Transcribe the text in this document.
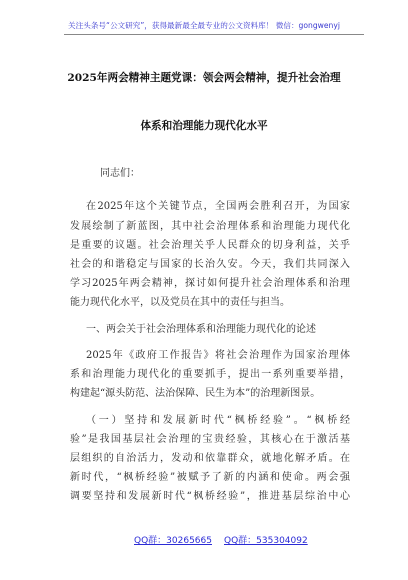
关注头条号“公文研究”，获得最新最全最专业的公文资料库！ 微信：gongwenyj
2025年两会精神主题党课：领会两会精神，提升社会治理
体系和治理能力现代化水平
同志们：
在2025年这个关键节点，全国两会胜利召开，为国家
发展绘制了新蓝图，其中社会治理体系和治理能力现代化
是重要的议题。社会治理关乎人民群众的切身利益，关乎
社会的和谐稳定与国家的长治久安。今天，我们共同深入
学习2025年两会精神，探讨如何提升社会治理体系和治理
能力现代化水平，以及党员在其中的责任与担当。
一、两会关于社会治理体系和治理能力现代化的论述
2025年《政府工作报告》将社会治理作为国家治理体
系和治理能力现代化的重要抓手，提出一系列重要举措，
构建起“源头防范、法治保障、民生为本”的治理新图景。
（一）坚持和发展新时代“枫桥经验”。“枫桥经
验”是我国基层社会治理的宝贵经验，其核心在于激活基
层组织的自治活力，发动和依靠群众，就地化解矛盾。在
新时代，“枫桥经验”被赋予了新的内涵和使命。两会强
调要坚持和发展新时代“枫桥经验”，推进基层综治中心
QQ群：30265665 QQ群：535304092
